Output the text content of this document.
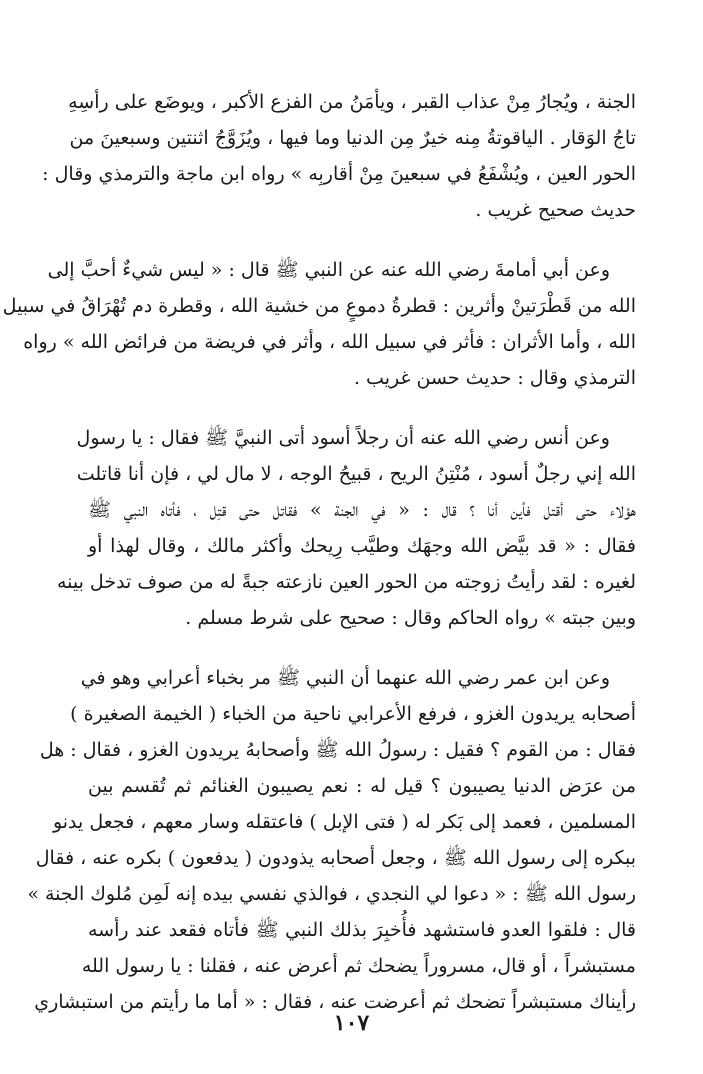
الجنة ، ويُجارُ مِنْ عذاب القبر ، ويأمَنُ من الفزع الأكبر ، ويوضَع على رأسِهِ
تاجُ الوَقار . الياقوتةُ مِنه خيرٌ مِن الدنيا وما فيها ، ويُزَوَّجُ اثنتين وسبعينَ من
الحور العين ، ويُشْفَعُ في سبعينَ مِنْ أقاربِه » رواه ابن ماجة والترمذي وقال :
حديث صحيح غريب .
وعن أبي أمامةَ رضي الله عنه عن النبي ﷺ قال : « ليس شيءٌ أحبَّ إلى
الله من قَطْرَتينْ وأثرين : قطرةُ دموعٍ من خشية الله ، وقطرة دم تُهْرَاقُ في سبيل
الله ، وأما الأثران : فأثر في سبيل الله ، وأثر في فريضة من فرائض الله » رواه
الترمذي وقال : حديث حسن غريب .
وعن أنس رضي الله عنه أن رجلاً أسود أتى النبيَّ ﷺ فقال : يا رسول
الله إني رجلٌ أسود ، مُنْتِنُ الريح ، قبيحُ الوجه ، لا مال لي ، فإن أنا قاتلت
هؤلاء حتى أقتل فأين أنا ؟ قال : « في الجنة » فقاتل حتى قتِل ، فأتاه النبي ﷺ
فقال : « قد بيَّض الله وجهَك وطيَّب رِيحك وأكثر مالك ، وقال لهذا أو
لغيره : لقد رأيتُ زوجته من الحور العين نازعته جبةً له من صوف تدخل بينه
وبين جبته » رواه الحاكم وقال : صحيح على شرط مسلم .
وعن ابن عمر رضي الله عنهما أن النبي ﷺ مر بخباء أعرابي وهو في
أصحابه يريدون الغزو ، فرفع الأعرابي ناحية من الخباء ( الخيمة الصغيرة )
فقال : من القوم ؟ فقيل : رسولُ الله ﷺ وأصحابهُ يريدون الغزو ، فقال : هل
من عرَض الدنيا يصيبون ؟ قيل له : نعم يصيبون الغنائم ثم تُقسم بين
المسلمين ، فعمد إلى بَكر له ( فتى الإبل ) فاعتقله وسار معهم ، فجعل يدنو
ببكره إلى رسول الله ﷺ ، وجعل أصحابه يذودون ( يدفعون ) بكره عنه ، فقال
رسول الله ﷺ : « دعوا لي النجدي ، فوالذي نفسي بيده إنه لَمِن مُلوك الجنة »
قال : فلقوا العدو فاستشهد فأُخبِرَ بذلك النبي ﷺ فأتاه فقعد عند رأسه
مستبشراً ، أو قال، مسروراً يضحك ثم أعرض عنه ، فقلنا : يا رسول الله
رأيناك مستبشراً تضحك ثم أعرضت عنه ، فقال : « أما ما رأيتم من استبشاري
١٠٧
